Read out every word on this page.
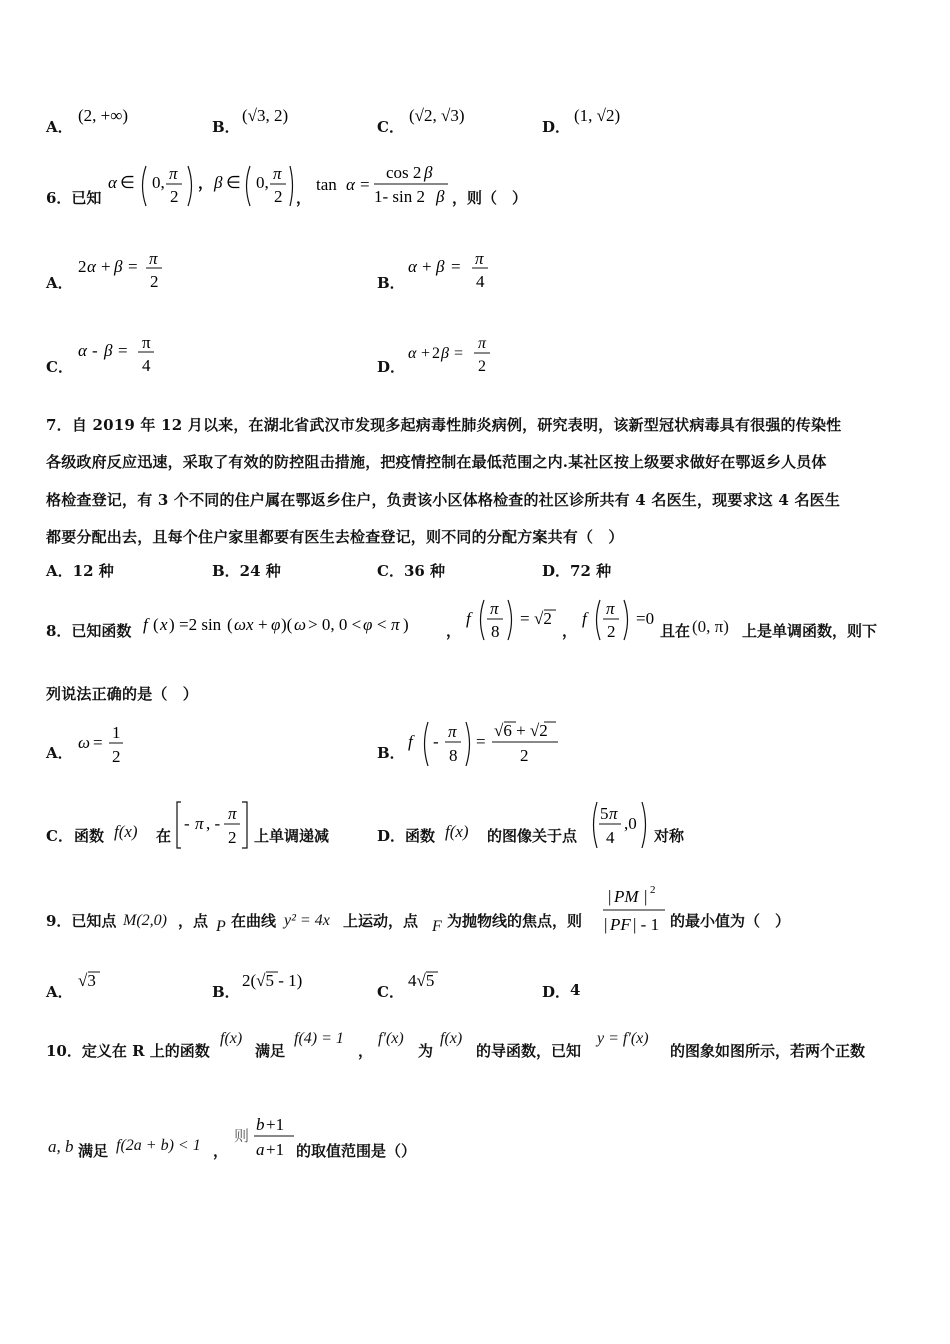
A．
(2, +∞)
B．
(√3, 2)
C．
(√2, √3)
D．
(1, √2)
6．已知
α ∈ 0, π
2
， β ∈ 0, π
2 ，
tan α =
cos 2 β
1- sin 2 β ，则（　）
A．
2 α + β = π
2	B．
α + β = π
4
C．
α - β = π
4	D．
α + 2 β =
π
2
7．自 2019 年 12 月以来，在湖北省武汉市发现多起病毒性肺炎病例，研究表明，该新型冠状病毒具有很强的传染性
各级政府反应迅速，采取了有效的防控阻击措施，把疫情控制在最低范围之内.某社区按上级要求做好在鄂返乡人员体
格检查登记，有 3 个不同的住户属在鄂返乡住户，负责该小区体格检查的社区诊所共有 4 名医生，现要求这 4 名医生
都要分配出去，且每个住户家里都要有医生去检查登记，则不同的分配方案共有（　）
A．12 种	B．24 种	C．36 种	D．72 种
8．已知函数 f ( x ) =2 sin ( ωx + φ )( ω > 0, 0 < φ < π ) ，
f
π
8
= √2
，
f
π
2
=0
且在 (0, π) 上是单调函数，则下
列说法正确的是（　）
A．
ω =
1
2	B．
f -
π
8
=
√6 + √2
2
C． 函数 f(x) 在
- π , -
π
2 上单调递减	D． 函数 f(x) 的图像关于点
5 π
4
,0
对称
9．已知点 M(2,0) ，点 P 在曲线 y² = 4x 上运动，点 F 为抛物线的焦点，则
| PM | 2
| PF | - 1 的最小值为（　）
A．
√3
B．
2(√5 - 1)
C．
4√5
D． 4
10．定义在 R 上的函数
f(x)
满足
f(4) = 1
，
f′(x)
为
f(x)
的导函数，已知
y = f′(x)
的图象如图所示，若两个正数
a, b 满足 f(2a + b) < 1 ，
则
b +1
a +1 的取值范围是（）
